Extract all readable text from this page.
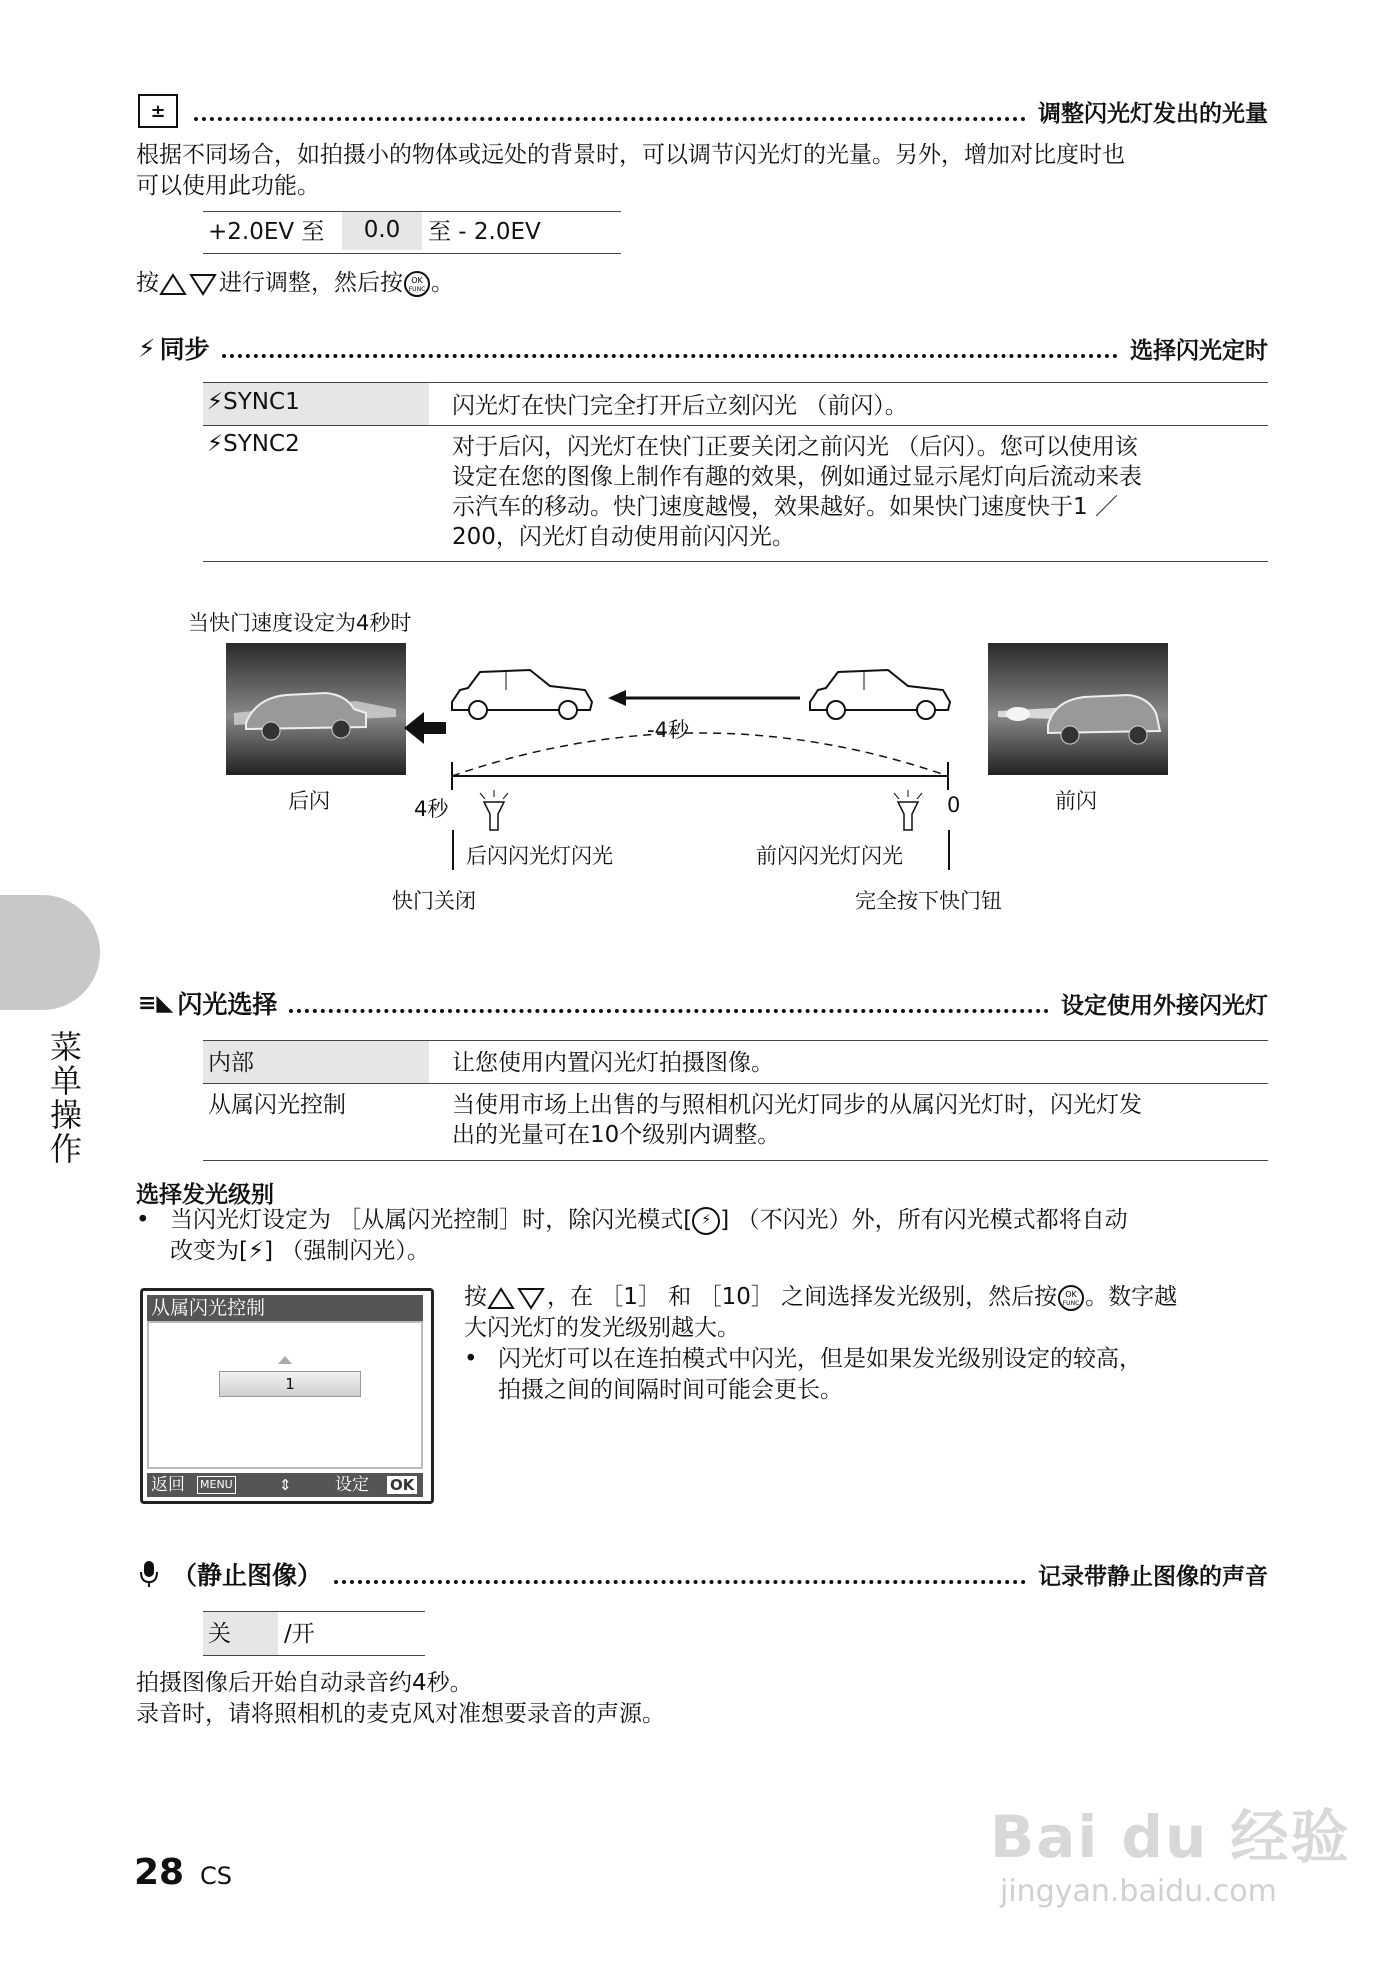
±	调整闪光灯发出的光量
根据不同场合，如拍摄小的物体或远处的背景时，可以调节闪光灯的光量。另外，增加对比度时也
可以使用此功能。
+2.0EV 至	0.0	至 - 2.0EV
按	进行调整，然后按 OK
FUNC 。
⚡ 同步	选择闪光定时
⚡SYNC1	闪光灯在快门完全打开后立刻闪光 （前闪）。
⚡SYNC2	对于后闪，闪光灯在快门正要关闭之前闪光 （后闪）。您可以使用该
设定在您的图像上制作有趣的效果，例如通过显示尾灯向后流动来表
示汽车的移动。快门速度越慢，效果越好。如果快门速度快于1 ／
200，闪光灯自动使用前闪闪光。
当快门速度设定为4秒时
-4秒
后闪	前闪
4秒	0
后闪闪光灯闪光	前闪闪光灯闪光
快门关闭	完全按下快门钮
≡◣ 闪光选择	设定使用外接闪光灯
内部	让您使用内置闪光灯拍摄图像。
从属闪光控制	当使用市场上出售的与照相机闪光灯同步的从属闪光灯时，闪光灯发
出的光量可在10个级别内调整。
选择发光级别
• 当闪光灯设定为 ［从属闪光控制］时，除闪光模式[ ⚡ ] （不闪光）外，所有闪光模式都将自动
改变为[⚡] （强制闪光）。
从属闪光控制
1
返回 MENU	⇕	设定 OK
按	，在 ［1］ 和 ［10］ 之间选择发光级别，然后按 OK
FUNC 。数字越
大闪光灯的发光级别越大。
• 闪光灯可以在连拍模式中闪光，但是如果发光级别设定的较高，
拍摄之间的间隔时间可能会更长。
（静止图像）	记录带静止图像的声音
关 /开
拍摄图像后开始自动录音约4秒。
录音时，请将照相机的麦克风对准想要录音的声源。
菜单操作
28 CS
Bai du 经验
jingyan.baidu.com
